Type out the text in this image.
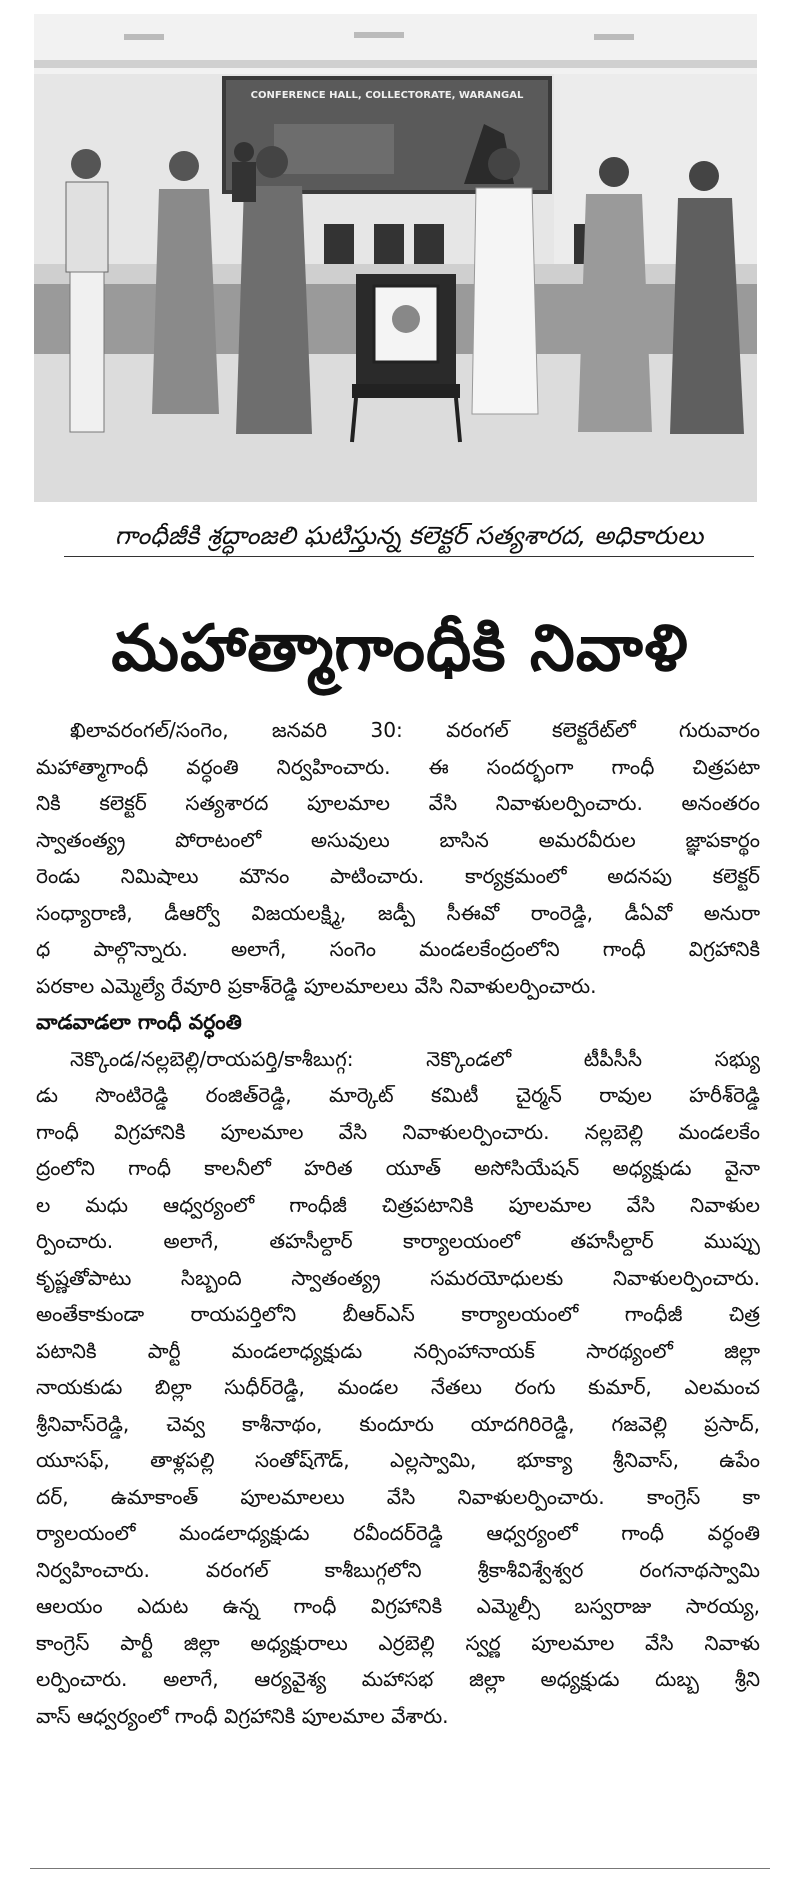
CONFERENCE HALL, COLLECTORATE, WARANGAL
గాంధీజీకి శ్రద్ధాంజలి ఘటిస్తున్న కలెక్టర్ సత్యశారద, అధికారులు
మహాత్మాగాంధీకి నివాళి
ఖిలావరంగల్/సంగెం, జనవరి 30: వరంగల్ కలెక్టరేట్‌లో గురువారం
మహాత్మాగాంధీ వర్ధంతి నిర్వహించారు. ఈ సందర్భంగా గాంధీ చిత్రపటా
నికి కలెక్టర్ సత్యశారద పూలమాల వేసి నివాళులర్పించారు. అనంతరం
స్వాతంత్య్ర పోరాటంలో అసువులు బాసిన అమరవీరుల జ్ఞాపకార్థం
రెండు నిమిషాలు మౌనం పాటించారు. కార్యక్రమంలో అదనపు కలెక్టర్
సంధ్యారాణి, డీఆర్వో విజయలక్ష్మి, జడ్పీ సీఈవో రాంరెడ్డి, డీఏవో అనురా
ధ పాల్గొన్నారు. అలాగే, సంగెం మండలకేంద్రంలోని గాంధీ విగ్రహానికి
పరకాల ఎమ్మెల్యే రేవూరి ప్రకాశ్‌రెడ్డి పూలమాలలు వేసి నివాళులర్పించారు.
వాడవాడలా గాంధీ వర్ధంతి
నెక్కొండ/నల్లబెల్లి/రాయపర్తి/కాశీబుగ్గ: నెక్కొండలో టీపీసీసీ సభ్యు
డు సొంటిరెడ్డి రంజిత్‌రెడ్డి, మార్కెట్ కమిటీ చైర్మన్ రావుల హరీశ్‌రెడ్డి
గాంధీ విగ్రహానికి పూలమాల వేసి నివాళులర్పించారు. నల్లబెల్లి మండలకేం
ద్రంలోని గాంధీ కాలనీలో హరిత యూత్ అసోసియేషన్ అధ్యక్షుడు వైనా
ల మధు ఆధ్వర్యంలో గాంధీజీ చిత్రపటానికి పూలమాల వేసి నివాళుల
ర్పించారు. అలాగే, తహసీల్దార్ కార్యాలయంలో తహసీల్దార్ ముప్పు
కృష్ణతోపాటు సిబ్బంది స్వాతంత్య్ర సమరయోధులకు నివాళులర్పించారు.
అంతేకాకుండా రాయపర్తిలోని బీఆర్‌ఎస్ కార్యాలయంలో గాంధీజీ చిత్ర
పటానికి పార్టీ మండలాధ్యక్షుడు నర్సింహానాయక్ సారథ్యంలో జిల్లా
నాయకుడు బిల్లా సుధీర్‌రెడ్డి, మండల నేతలు రంగు కుమార్, ఎలమంచ
శ్రీనివాస్‌రెడ్డి, చెవ్వ కాశీనాథం, కుందూరు యాదగిరిరెడ్డి, గజవెల్లి ప్రసాద్,
యూసఫ్, తాళ్లపల్లి సంతోష్‌గౌడ్, ఎల్లస్వామి, భూక్యా శ్రీనివాస్, ఉపేం
దర్, ఉమాకాంత్ పూలమాలలు వేసి నివాళులర్పించారు. కాంగ్రెస్ కా
ర్యాలయంలో మండలాధ్యక్షుడు రవీందర్‌రెడ్డి ఆధ్వర్యంలో గాంధీ వర్ధంతి
నిర్వహించారు. వరంగల్ కాశీబుగ్గలోని శ్రీకాశీవిశ్వేశ్వర రంగనాథస్వామి
ఆలయం ఎదుట ఉన్న గాంధీ విగ్రహానికి ఎమ్మెల్సీ బస్వరాజు సారయ్య,
కాంగ్రెస్ పార్టీ జిల్లా అధ్యక్షురాలు ఎర్రబెల్లి స్వర్ణ పూలమాల వేసి నివాళు
లర్పించారు. అలాగే, ఆర్యవైశ్య మహాసభ జిల్లా అధ్యక్షుడు దుబ్బ శ్రీని
వాస్ ఆధ్వర్యంలో గాంధీ విగ్రహానికి పూలమాల వేశారు.
